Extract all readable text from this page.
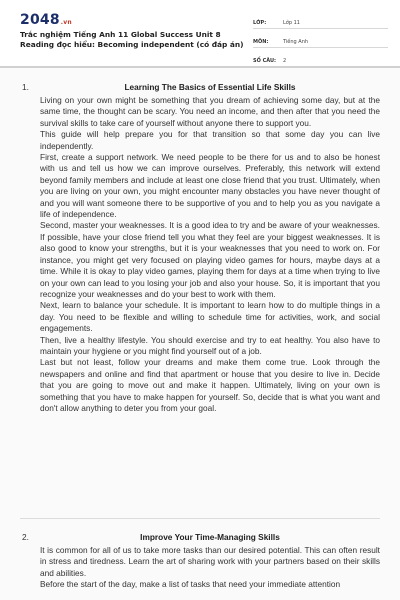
2048.vn
Trắc nghiệm Tiếng Anh 11 Global Success Unit 8 Reading đọc hiểu: Becoming independent (có đáp án)
LỚP:	Lớp 11
MÔN:	Tiếng Anh
SỐ CÂU:	2
1.	Learning The Basics of Essential Life Skills

Living on your own might be something that you dream of achieving some day, but at the same time, the thought can be scary. You need an income, and then after that you need the survival skills to take care of yourself without anyone there to support you.

This guide will help prepare you for that transition so that some day you can live independently.

First, create a support network. We need people to be there for us and to also be honest with us and tell us how we can improve ourselves. Preferably, this network will extend beyond family members and include at least one close friend that you trust. Ultimately, when you are living on your own, you might encounter many obstacles you have never thought of and you will want someone there to be supportive of you and to help you as you navigate a life of independence.

Second, master your weaknesses. It is a good idea to try and be aware of your weaknesses. If possible, have your close friend tell you what they feel are your biggest weaknesses. It is also good to know your strengths, but it is your weaknesses that you need to work on. For instance, you might get very focused on playing video games for hours, maybe days at a time. While it is okay to play video games, playing them for days at a time when trying to live on your own can lead to you losing your job and also your house. So, it is important that you recognize your weaknesses and do your best to work with them.

Next, learn to balance your schedule. It is important to learn how to do multiple things in a day. You need to be flexible and willing to schedule time for activities, work, and social engagements.

Then, live a healthy lifestyle. You should exercise and try to eat healthy. You also have to maintain your hygiene or you might find yourself out of a job.

Last but not least, follow your dreams and make them come true. Look through the newspapers and online and find that apartment or house that you desire to live in. Decide that you are going to move out and make it happen. Ultimately, living on your own is something that you have to make happen for yourself. So, decide that is what you want and don't allow anything to deter you from your goal.

2.	Improve Your Time-Managing Skills

It is common for all of us to take more tasks than our desired potential. This can often result in stress and tiredness. Learn the art of sharing work with your partners based on their skills and abilities.

Before the start of the day, make a list of tasks that need your immediate attention
